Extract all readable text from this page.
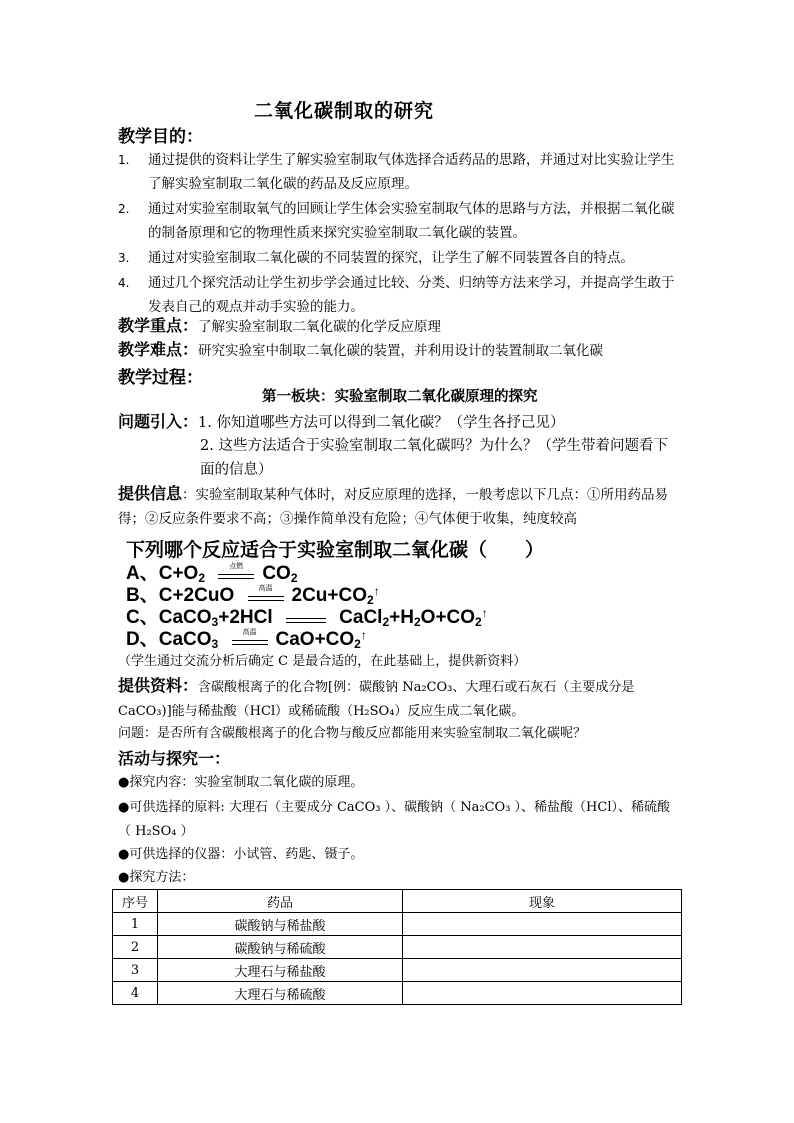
二氧化碳制取的研究
教学目的：
1. 通过提供的资料让学生了解实验室制取气体选择合适药品的思路，并通过对比实验让学生了解实验室制取二氧化碳的药品及反应原理。
2. 通过对实验室制取氧气的回顾让学生体会实验室制取气体的思路与方法，并根据二氧化碳的制备原理和它的物理性质来探究实验室制取二氧化碳的装置。
3. 通过对实验室制取二氧化碳的不同装置的探究，让学生了解不同装置各自的特点。
4. 通过几个探究活动让学生初步学会通过比较、分类、归纳等方法来学习，并提高学生敢于发表自己的观点并动手实验的能力。
教学重点：了解实验室制取二氧化碳的化学反应原理
教学难点：研究实验室中制取二氧化碳的装置，并利用设计的装置制取二氧化碳
教学过程：
第一板块：实验室制取二氧化碳原理的探究
问题引入：1. 你知道哪些方法可以得到二氧化碳？（学生各抒己见）
2. 这些方法适合于实验室制取二氧化碳吗？为什么？（学生带着问题看下面的信息）
提供信息：实验室制取某种气体时，对反应原理的选择，一般考虑以下几点：①所用药品易得；②反应条件要求不高；③操作简单没有危险；④气体便于收集，纯度较高
下列哪个反应适合于实验室制取二氧化碳（　　）
A、$C+O_2$
点燃	$CO_2$
B、C+2CuO	高温	$2Cu+CO_2^↑$
C、CaCO$_3$+2HCl	$CaCl_2+H_2O+CO_2^↑$
D、CaCO$_3$
高温	$CaO+CO_2^↑$
（学生通过交流分析后确定 C 是最合适的，在此基础上，提供新资料）
提供资料：含碳酸根离子的化合物[例：碳酸钠 Na₂CO₃、大理石或石灰石（主要成分是 CaCO₃)]能与稀盐酸（HCl）或稀硫酸（H₂SO₄）反应生成二氧化碳。
问题：是否所有含碳酸根离子的化合物与酸反应都能用来实验室制取二氧化碳呢？
活动与探究一：
●探究内容：实验室制取二氧化碳的原理。
●可供选择的原料: 大理石（主要成分 CaCO₃ ）、碳酸钠（ Na₂CO₃ ）、稀盐酸（HCl）、稀硫酸（ H₂SO₄ ）
●可供选择的仪器：小试管、药匙、镊子。
●探究方法：
序号	药品	现象
1	碳酸钠与稀盐酸	
2	碳酸钠与稀硫酸	
3	大理石与稀盐酸	
4	大理石与稀硫酸	
